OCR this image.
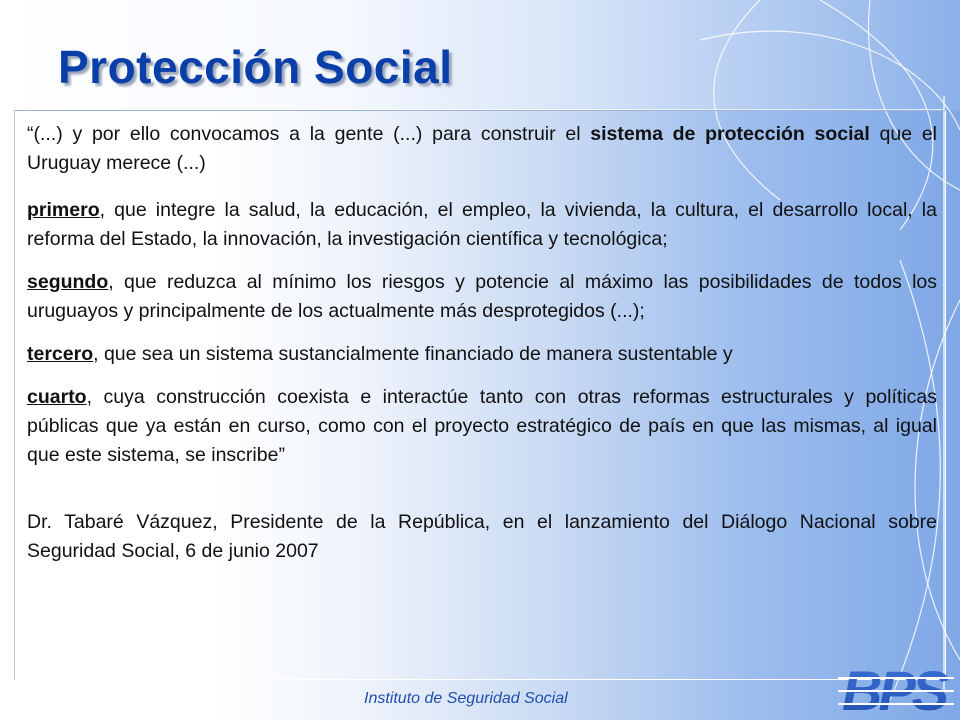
Protección Social

“(...) y por ello convocamos a la gente (...) para construir el sistema de protección social que el Uruguay merece (...)

primero, que integre la salud, la educación, el empleo, la vivienda, la cultura, el desarrollo local, la reforma del Estado, la innovación, la investigación científica y tecnológica;

segundo, que reduzca al mínimo los riesgos y potencie al máximo las posibilidades de todos los uruguayos y principalmente de los actualmente más desprotegidos (...);

tercero, que sea un sistema sustancialmente financiado de manera sustentable y

cuarto, cuya construcción coexista e interactúe tanto con otras reformas estructurales y políticas públicas que ya están en curso, como con el proyecto estratégico de país en que las mismas, al igual que este sistema, se inscribe”

Dr. Tabaré Vázquez, Presidente de la República, en el lanzamiento del Diálogo Nacional sobre Seguridad Social, 6 de junio 2007

Instituto de Seguridad Social	BPS
